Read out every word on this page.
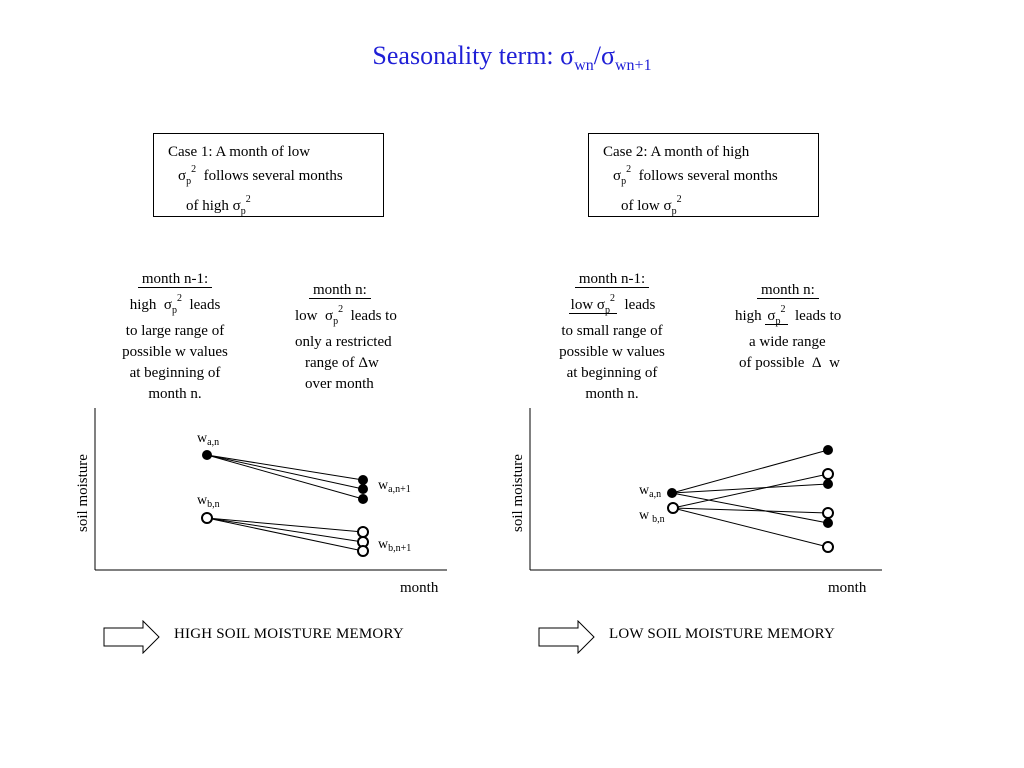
Seasonality term: $\sigma_{wn}/\sigma_{wn+1}$
Case 1: A month of low
$\sigma_p^2$ follows several months
of high $\sigma_p^2$
Case 2: A month of high
$\sigma_p^2$ follows several months
of low $\sigma_p^2$
month n-1:
high $\sigma_p^2$ leads
to large range of
possible w values
at beginning of
month n.
month n:
low $\sigma_p^2$ leads to
only a restricted
range of Δw
over month
month n-1:
low $\sigma_p^2$ leads
to small range of
possible w values
at beginning of
month n.
month n:
high $\sigma_p^2$ leads to
a wide range
of possible Δ w
soil moisture
month
$w_{a,n}$
$w_{b,n}$
$w_{a,n+1}$
$w_{b,n+1}$
soil moisture
month
$w_{a,n}$
w $_{b,n}$
HIGH SOIL MOISTURE MEMORY	LOW SOIL MOISTURE MEMORY
